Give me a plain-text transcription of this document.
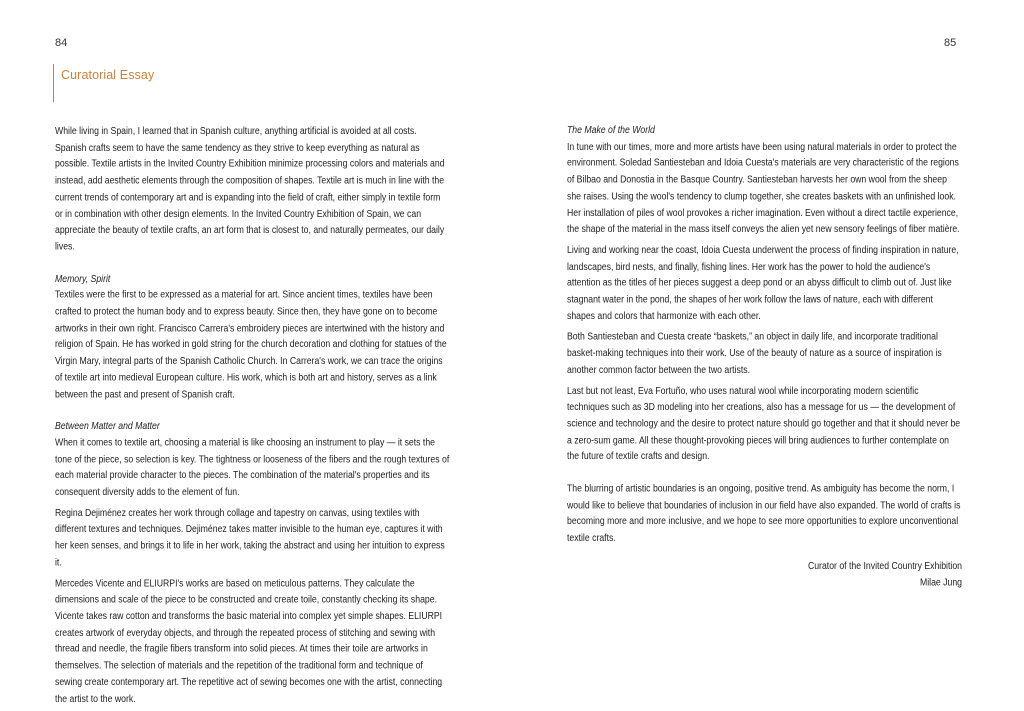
84	85
Curatorial Essay

While living in Spain, I learned that in Spanish culture, anything artificial is avoided at all costs. Spanish crafts seem to have the same tendency as they strive to keep everything as natural as possible. Textile artists in the Invited Country Exhibition minimize processing colors and materials and instead, add aesthetic elements through the composition of shapes. Textile art is much in line with the current trends of contemporary art and is expanding into the field of craft, either simply in textile form or in combination with other design elements. In the Invited Country Exhibition of Spain, we can appreciate the beauty of textile crafts, an art form that is closest to, and naturally permeates, our daily lives.

Memory, Spirit

Textiles were the first to be expressed as a material for art. Since ancient times, textiles have been crafted to protect the human body and to express beauty. Since then, they have gone on to become artworks in their own right. Francisco Carrera's embroidery pieces are intertwined with the history and religion of Spain. He has worked in gold string for the church decoration and clothing for statues of the Virgin Mary, integral parts of the Spanish Catholic Church. In Carrera's work, we can trace the origins of textile art into medieval European culture. His work, which is both art and history, serves as a link between the past and present of Spanish craft.

Between Matter and Matter

When it comes to textile art, choosing a material is like choosing an instrument to play — it sets the tone of the piece, so selection is key. The tightness or looseness of the fibers and the rough textures of each material provide character to the pieces. The combination of the material's properties and its consequent diversity adds to the element of fun.

Regina Dejiménez creates her work through collage and tapestry on canvas, using textiles with different textures and techniques. Dejiménez takes matter invisible to the human eye, captures it with her keen senses, and brings it to life in her work, taking the abstract and using her intuition to express it.

Mercedes Vicente and ELIURPI's works are based on meticulous patterns. They calculate the dimensions and scale of the piece to be constructed and create toile, constantly checking its shape. Vicente takes raw cotton and transforms the basic material into complex yet simple shapes. ELIURPI creates artwork of everyday objects, and through the repeated process of stitching and sewing with thread and needle, the fragile fibers transform into solid pieces. At times their toile are artworks in themselves. The selection of materials and the repetition of the traditional form and technique of sewing create contemporary art. The repetitive act of sewing becomes one with the artist, connecting the artist to the work.

The Make of the World

In tune with our times, more and more artists have been using natural materials in order to protect the environment. Soledad Santiesteban and Idoia Cuesta's materials are very characteristic of the regions of Bilbao and Donostia in the Basque Country. Santiesteban harvests her own wool from the sheep she raises. Using the wool's tendency to clump together, she creates baskets with an unfinished look. Her installation of piles of wool provokes a richer imagination. Even without a direct tactile experience, the shape of the material in the mass itself conveys the alien yet new sensory feelings of fiber matière.

Living and working near the coast, Idoia Cuesta underwent the process of finding inspiration in nature, landscapes, bird nests, and finally, fishing lines. Her work has the power to hold the audience's attention as the titles of her pieces suggest a deep pond or an abyss difficult to climb out of. Just like stagnant water in the pond, the shapes of her work follow the laws of nature, each with different shapes and colors that harmonize with each other.

Both Santiesteban and Cuesta create “baskets,” an object in daily life, and incorporate traditional basket-making techniques into their work. Use of the beauty of nature as a source of inspiration is another common factor between the two artists.

Last but not least, Eva Fortuño, who uses natural wool while incorporating modern scientific techniques such as 3D modeling into her creations, also has a message for us — the development of science and technology and the desire to protect nature should go together and that it should never be a zero-sum game. All these thought-provoking pieces will bring audiences to further contemplate on the future of textile crafts and design.

The blurring of artistic boundaries is an ongoing, positive trend. As ambiguity has become the norm, I would like to believe that boundaries of inclusion in our field have also expanded. The world of crafts is becoming more and more inclusive, and we hope to see more opportunities to explore unconventional textile crafts.

Curator of the Invited Country Exhibition
Milae Jung
